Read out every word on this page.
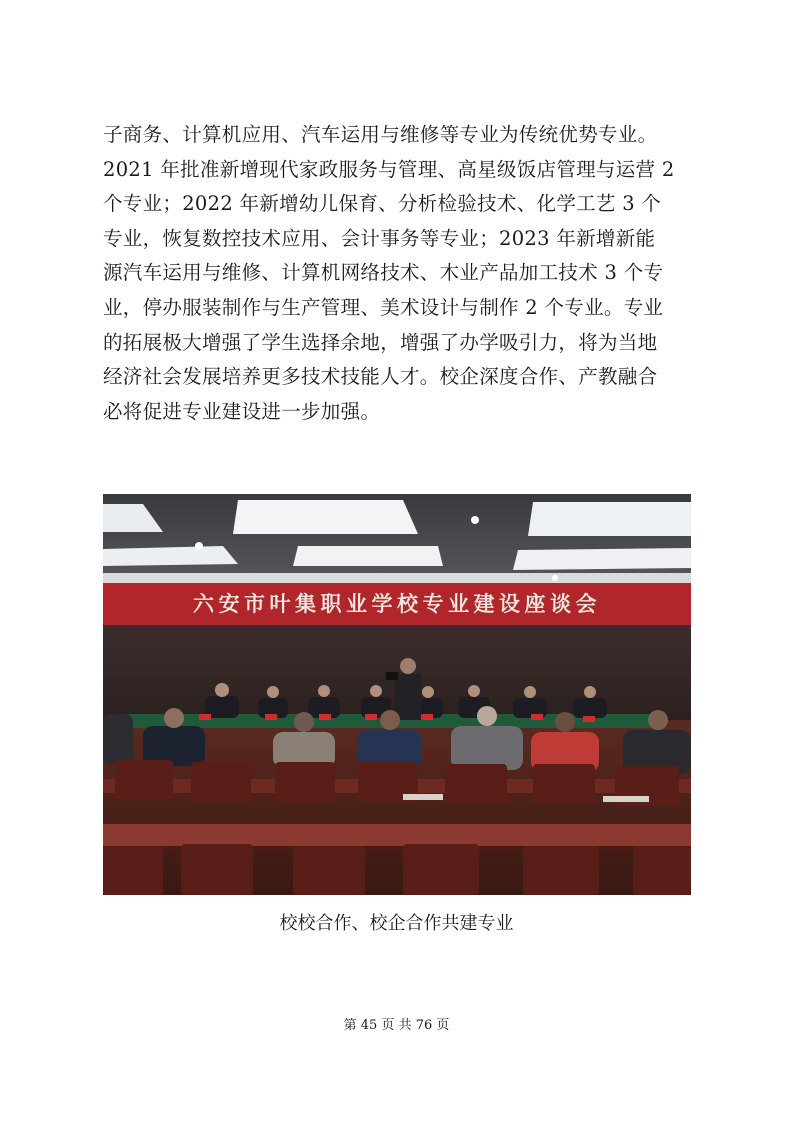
子商务、计算机应用、汽车运用与维修等专业为传统优势专业。
2021 年批准新增现代家政服务与管理、高星级饭店管理与运营 2
个专业；2022 年新增幼儿保育、分析检验技术、化学工艺 3 个
专业，恢复数控技术应用、会计事务等专业；2023 年新增新能
源汽车运用与维修、计算机网络技术、木业产品加工技术 3 个专
业，停办服装制作与生产管理、美术设计与制作 2 个专业。专业
的拓展极大增强了学生选择余地，增强了办学吸引力，将为当地
经济社会发展培养更多技术技能人才。校企深度合作、产教融合
必将促进专业建设进一步加强。
六安市叶集职业学校专业建设座谈会
校校合作、校企合作共建专业
第 45 页 共 76 页
